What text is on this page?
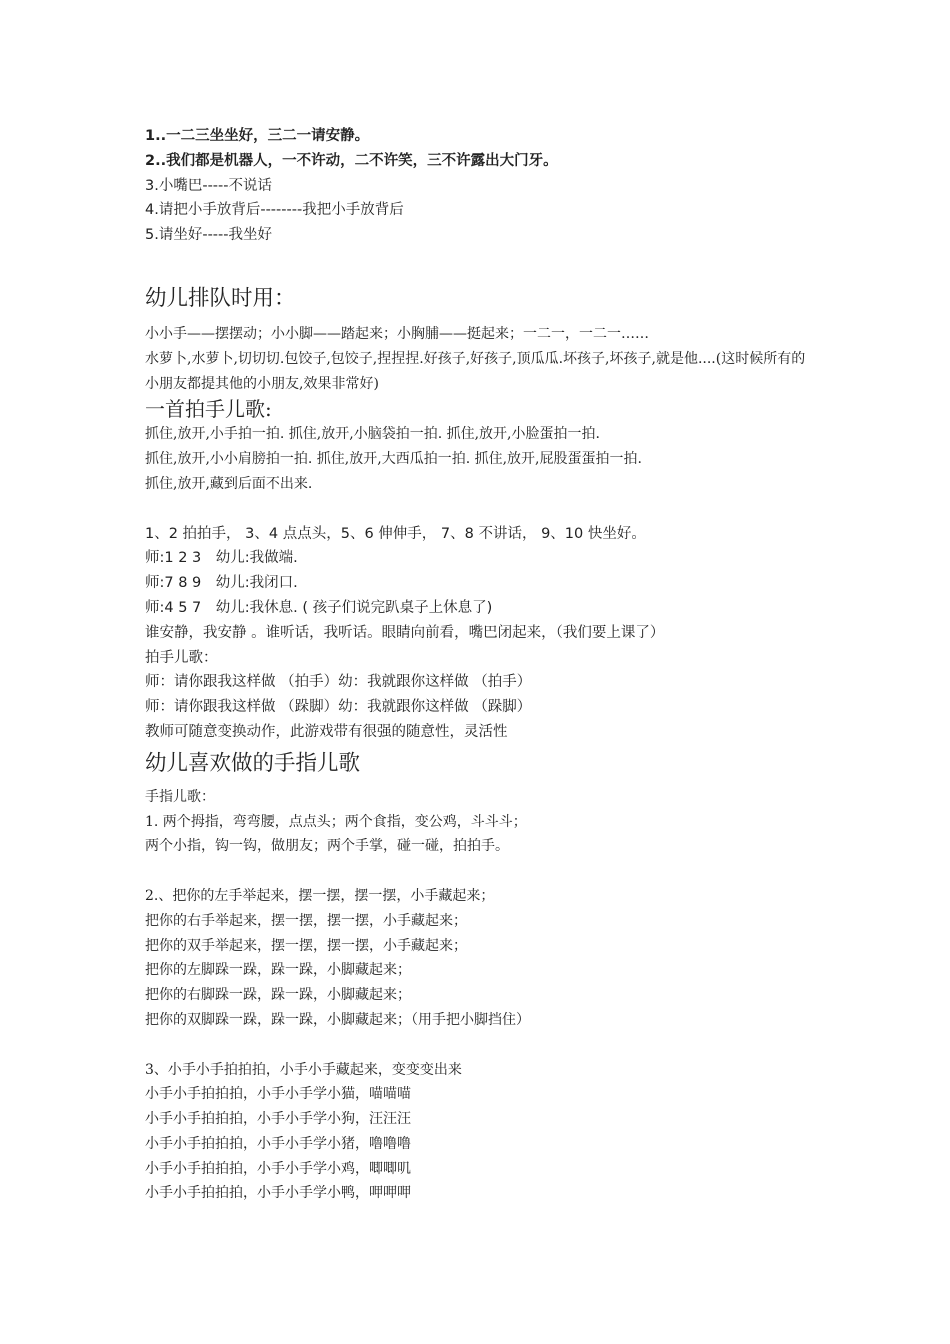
1..一二三坐坐好，三二一请安静。
2..我们都是机器人，一不许动，二不许笑，三不许露出大门牙。
3.小嘴巴-----不说话
4.请把小手放背后--------我把小手放背后
5.请坐好-----我坐好
幼儿排队时用：
小小手——摆摆动；小小脚——踏起来；小胸脯——挺起来；一二一，一二一……
水萝卜,水萝卜,切切切.包饺子,包饺子,捏捏捏.好孩子,好孩子,顶瓜瓜.坏孩子,坏孩子,就是他....(这时候所有的小朋友都提其他的小朋友,效果非常好)
一首拍手儿歌:
抓住,放开,小手拍一拍. 抓住,放开,小脑袋拍一拍. 抓住,放开,小脸蛋拍一拍.
抓住,放开,小小肩膀拍一拍. 抓住,放开,大西瓜拍一拍. 抓住,放开,屁股蛋蛋拍一拍.
抓住,放开,藏到后面不出来.
1、2 拍拍手， 3、4 点点头，5、6 伸伸手， 7、8 不讲话， 9、10 快坐好。
师:1 2 3　幼儿:我做端.
师:7 8 9　幼儿:我闭口.
师:4 5 7　幼儿:我休息. ( 孩子们说完趴桌子上休息了)
谁安静，我安静 。谁听话，我听话。眼睛向前看，嘴巴闭起来，（我们要上课了）
拍手儿歌：
师：请你跟我这样做 （拍手）幼：我就跟你这样做 （拍手）
师：请你跟我这样做 （跺脚）幼：我就跟你这样做 （跺脚）
教师可随意变换动作，此游戏带有很强的随意性，灵活性
幼儿喜欢做的手指儿歌
手指儿歌：
1. 两个拇指，弯弯腰，点点头；两个食指，变公鸡，斗斗斗；
两个小指，钩一钩，做朋友；两个手掌，碰一碰，拍拍手。
2.、把你的左手举起来，摆一摆，摆一摆，小手藏起来；
把你的右手举起来，摆一摆，摆一摆，小手藏起来；
把你的双手举起来，摆一摆，摆一摆，小手藏起来；
把你的左脚跺一跺，跺一跺，小脚藏起来；
把你的右脚跺一跺，跺一跺，小脚藏起来；
把你的双脚跺一跺，跺一跺，小脚藏起来；（用手把小脚挡住）
3、小手小手拍拍拍，小手小手藏起来，变变变出来
小手小手拍拍拍，小手小手学小猫，喵喵喵
小手小手拍拍拍，小手小手学小狗，汪汪汪
小手小手拍拍拍，小手小手学小猪，噜噜噜
小手小手拍拍拍，小手小手学小鸡，唧唧叽
小手小手拍拍拍，小手小手学小鸭，呷呷呷
